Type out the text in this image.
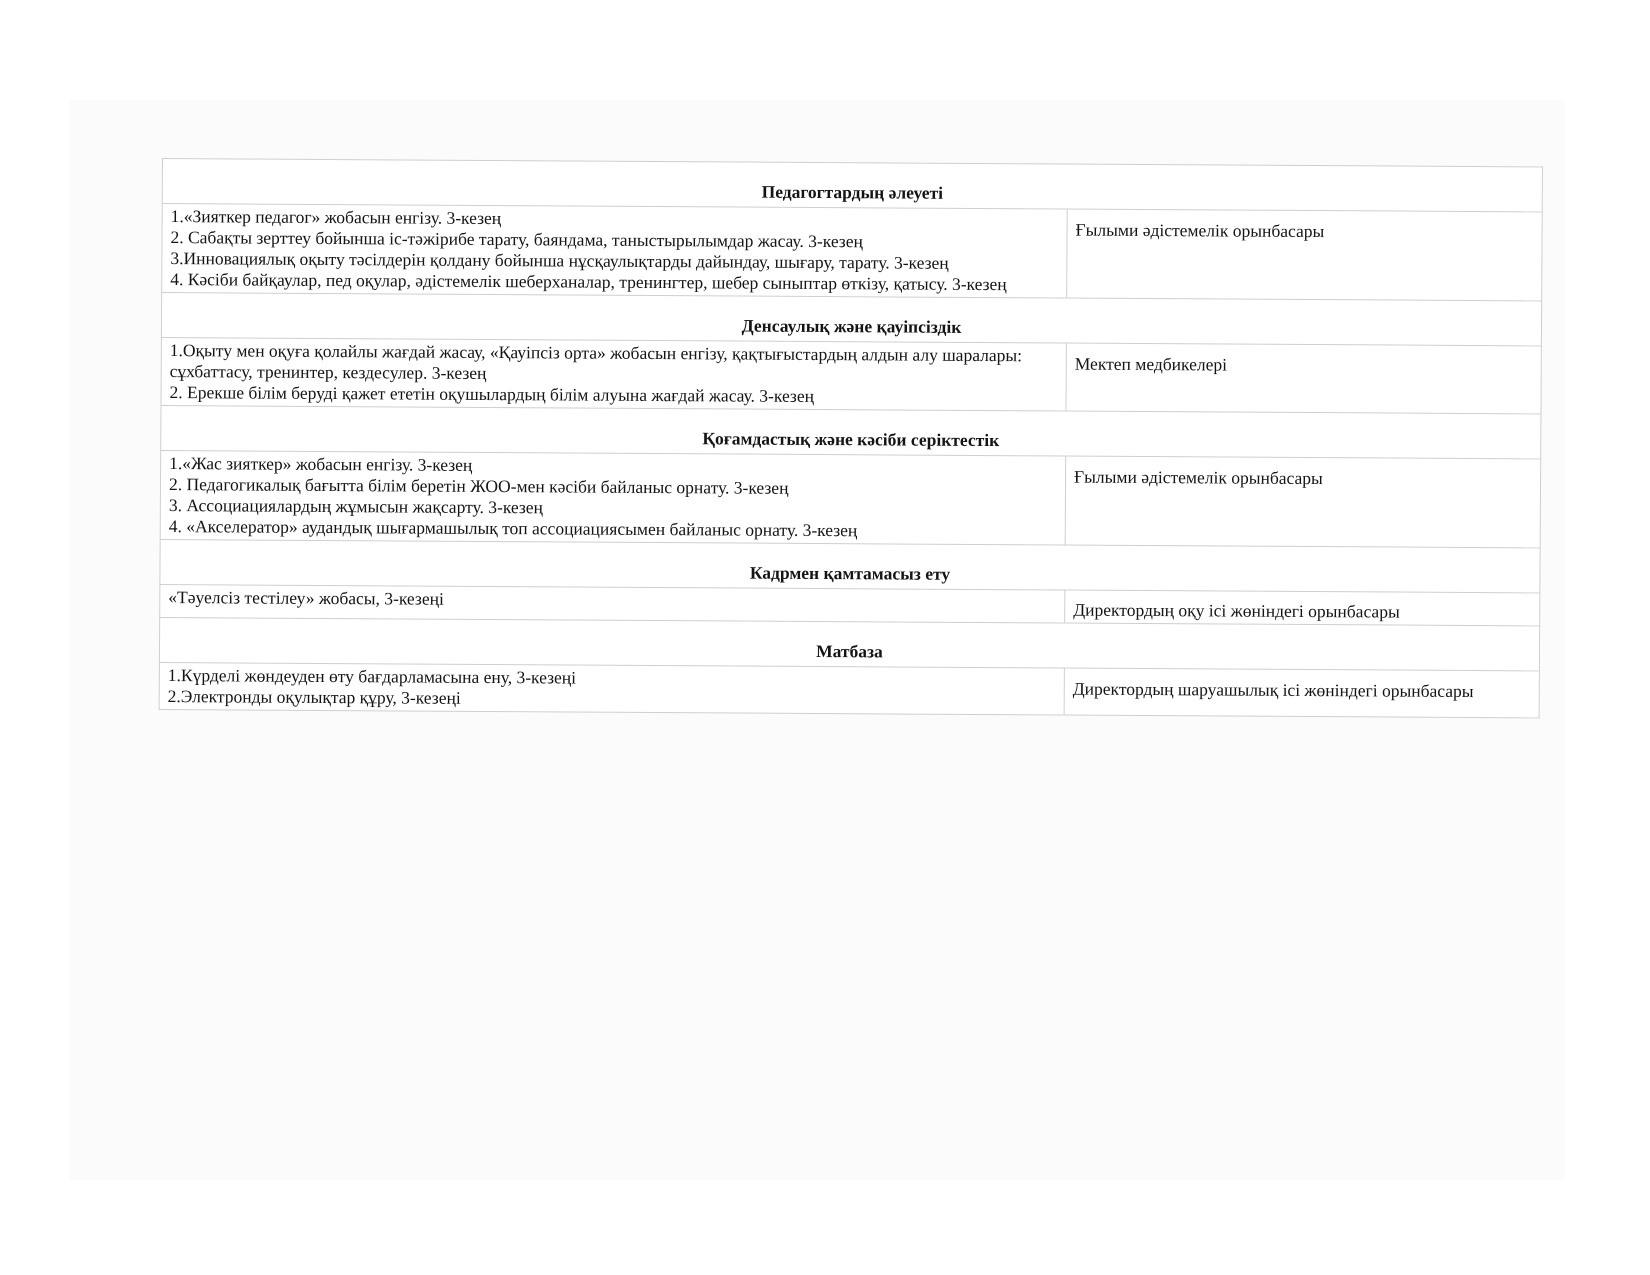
Педагогтардың әлеуеті	

1.«Зияткер педагог» жобасын енгізу. 3-кезең
2. Сабақты зерттеу бойынша іс-тәжірибе тарату, баяндама, таныстырылымдар жасау. 3-кезең
3.Инновациялық оқыту тәсілдерін қолдану бойынша нұсқаулықтарды дайындау, шығару, тарату. 3-кезең
4. Кәсіби байқаулар, пед оқулар, әдістемелік шеберханалар, тренингтер, шебер сыныптар өткізу, қатысу. 3-кезең	Ғылыми әдістемелік орынбасары
Денсаулық және қауіпсіздік	

1.Оқыту мен оқуға қолайлы жағдай жасау, «Қауіпсіз орта» жобасын енгізу, қақтығыстардың алдын алу шаралары: сұхбаттасу, тренинтер, кездесулер. 3-кезең
2. Ерекше білім беруді қажет ететін оқушылардың білім алуына жағдай жасау. 3-кезең	Мектеп медбикелері
Қоғамдастық және кәсіби серіктестік	

1.«Жас зияткер» жобасын енгізу. 3-кезең
2. Педагогикалық бағытта білім беретін ЖОО-мен кәсіби байланыс орнату. 3-кезең
3. Ассоциациялардың жұмысын жақсарту. 3-кезең
4. «Акселератор» аудандық шығармашылық топ ассоциациясымен байланыс орнату. 3-кезең	Ғылыми әдістемелік орынбасары
Кадрмен қамтамасыз ету	

«Тәуелсіз тестілеу» жобасы, 3-кезеңі	Директордың оқу ісі жөніндегі орынбасары
Матбаза	

1.Күрделі жөндеуден өту бағдарламасына ену, 3-кезеңі
2.Электронды оқулықтар құру, 3-кезеңі	Директордың шаруашылық ісі жөніндегі орынбасары
